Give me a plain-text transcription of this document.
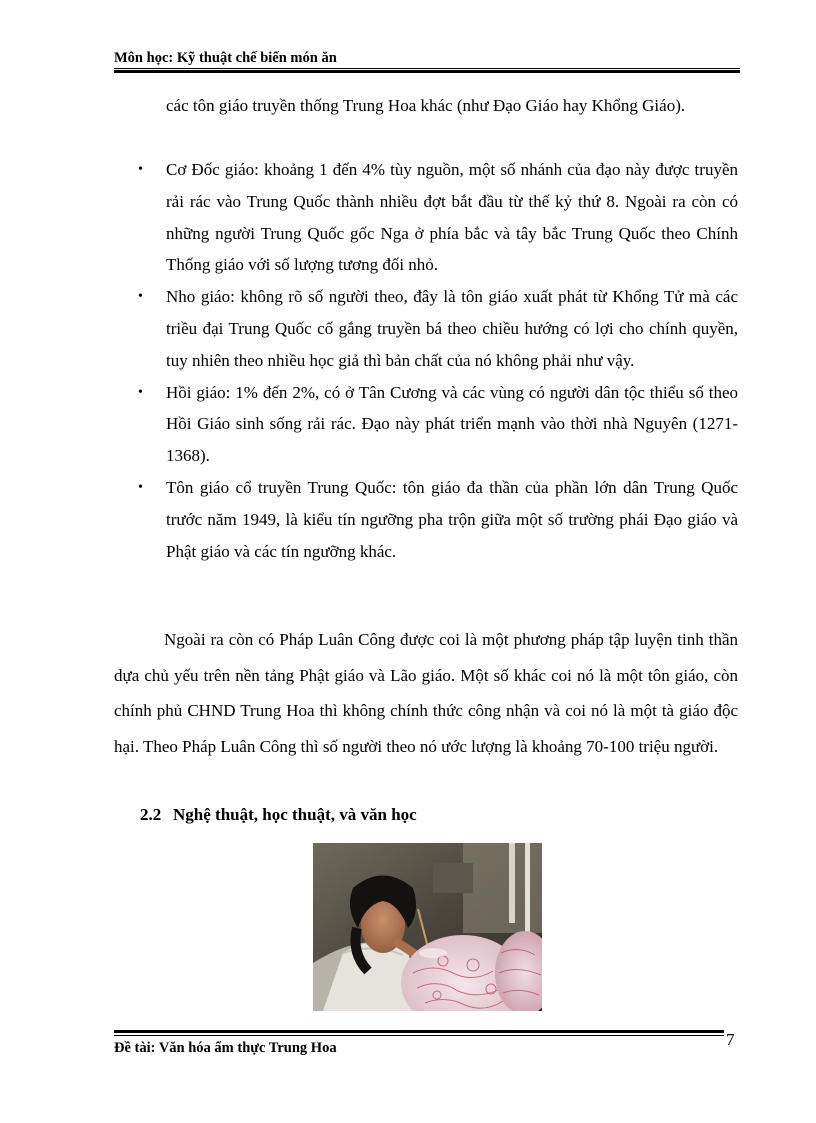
Môn học: Kỹ thuật chế biến món ăn
các tôn giáo truyền thống Trung Hoa khác (như Đạo Giáo hay Khổng Giáo).
• Cơ Đốc giáo: khoảng 1 đến 4% tùy nguồn, một số nhánh của đạo này được truyền rải rác vào Trung Quốc thành nhiều đợt bắt đầu từ thế kỷ thứ 8. Ngoài ra còn có những người Trung Quốc gốc Nga ở phía bắc và tây bắc Trung Quốc theo Chính Thống giáo với số lượng tương đối nhỏ.
• Nho giáo: không rõ số người theo, đây là tôn giáo xuất phát từ Khổng Tử mà các triều đại Trung Quốc cố gắng truyền bá theo chiều hướng có lợi cho chính quyền, tuy nhiên theo nhiều học giả thì bản chất của nó không phải như vậy.
• Hồi giáo: 1% đến 2%, có ở Tân Cương và các vùng có người dân tộc thiểu số theo Hồi Giáo sinh sống rải rác. Đạo này phát triển mạnh vào thời nhà Nguyên (1271-1368).
• Tôn giáo cổ truyền Trung Quốc: tôn giáo đa thần của phần lớn dân Trung Quốc trước năm 1949, là kiểu tín ngưỡng pha trộn giữa một số trường phái Đạo giáo và Phật giáo và các tín ngưỡng khác.
Ngoài ra còn có Pháp Luân Công được coi là một phương pháp tập luyện tinh thần dựa chủ yếu trên nền tảng Phật giáo và Lão giáo. Một số khác coi nó là một tôn giáo, còn chính phủ CHND Trung Hoa thì không chính thức công nhận và coi nó là một tà giáo độc hại. Theo Pháp Luân Công thì số người theo nó ước lượng là khoảng 70-100 triệu người.
2.2 Nghệ thuật, học thuật, và văn học
Đề tài: Văn hóa ẩm thực Trung Hoa	7
